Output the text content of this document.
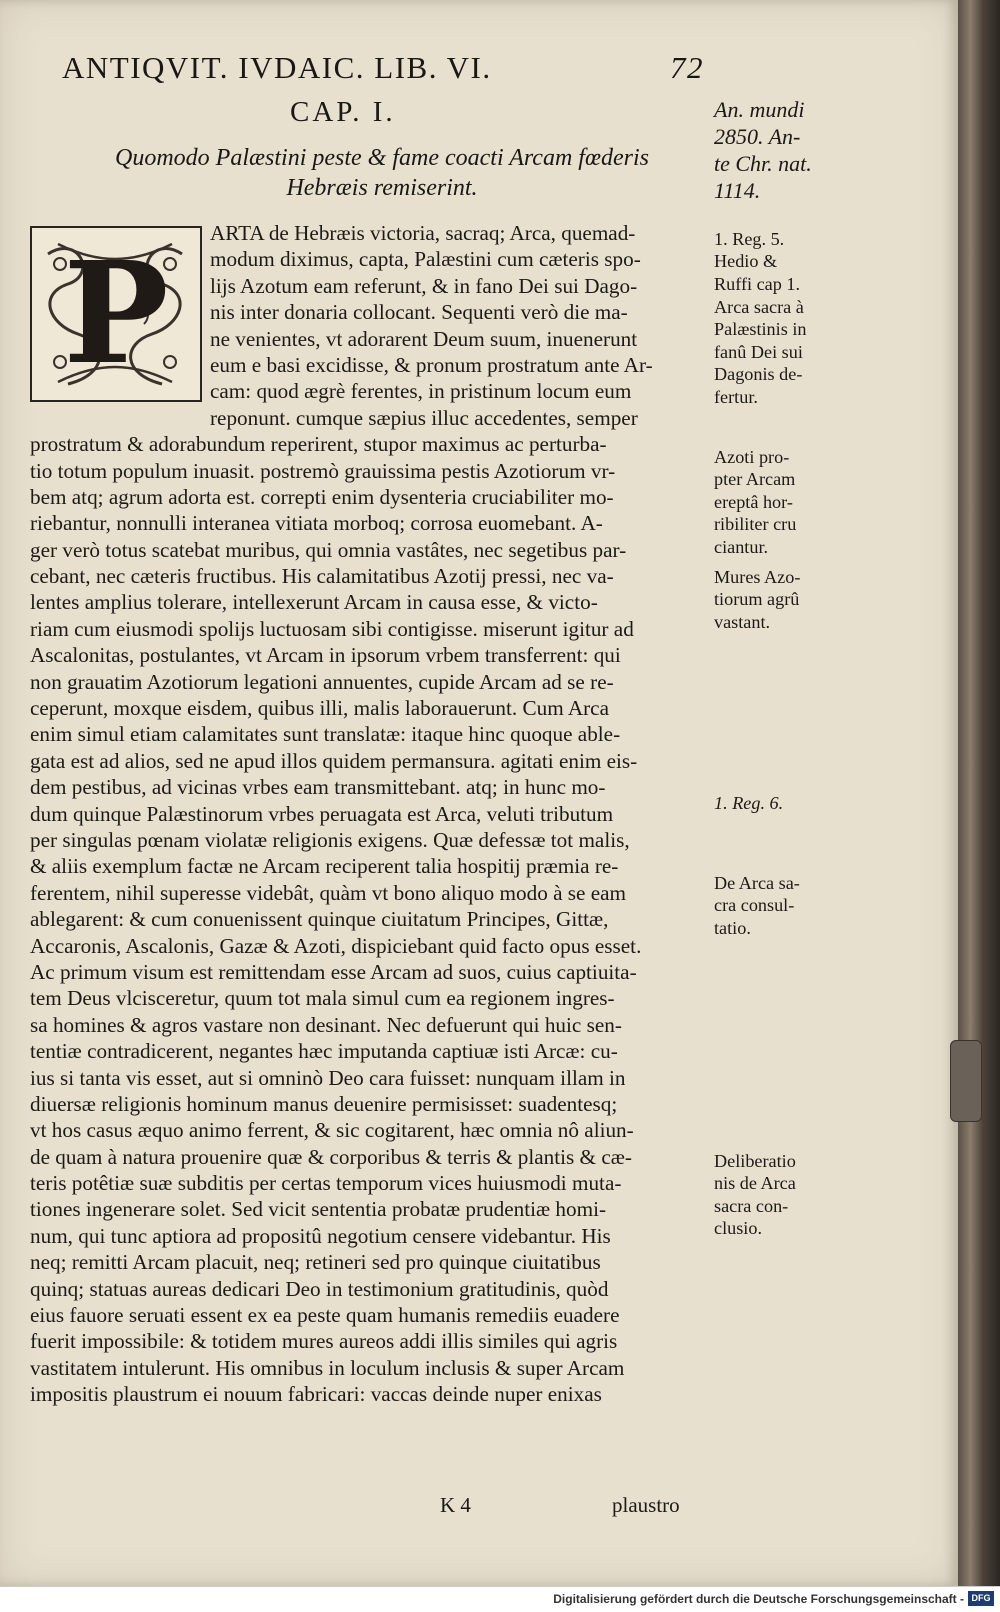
ANTIQVIT. IVDAIC. LIB. VI.	72
CAP. I.
Quomodo Palæstini peste & fame coacti Arcam fœderis
Hebræis remiserint.
ARTA de Hebræis victoria, sacraq; Arca, quemad-
modum diximus, capta, Palæstini cum cæteris spo-
lijs Azotum eam referunt, & in fano Dei sui Dago-
nis inter donaria collocant. Sequenti verò die ma-
ne venientes, vt adorarent Deum suum, inuenerunt
eum e basi excidisse, & pronum prostratum ante Ar-
cam: quod ægrè ferentes, in pristinum locum eum
reponunt. cumque sæpius illuc accedentes, semper
prostratum & adorabundum reperirent, stupor maximus ac perturba-
tio totum populum inuasit. postremò grauissima pestis Azotiorum vr-
bem atq; agrum adorta est. correpti enim dysenteria cruciabiliter mo-
riebantur, nonnulli interanea vitiata morboq; corrosa euomebant. A-
ger verò totus scatebat muribus, qui omnia vastâtes, nec segetibus par-
cebant, nec cæteris fructibus. His calamitatibus Azotij pressi, nec va-
lentes amplius tolerare, intellexerunt Arcam in causa esse, & victo-
riam cum eiusmodi spolijs luctuosam sibi contigisse. miserunt igitur ad
Ascalonitas, postulantes, vt Arcam in ipsorum vrbem transferrent: qui
non grauatim Azotiorum legationi annuentes, cupide Arcam ad se re-
ceperunt, moxque eisdem, quibus illi, malis laborauerunt. Cum Arca
enim simul etiam calamitates sunt translatæ: itaque hinc quoque able-
gata est ad alios, sed ne apud illos quidem permansura. agitati enim eis-
dem pestibus, ad vicinas vrbes eam transmittebant. atq; in hunc mo-
dum quinque Palæstinorum vrbes peruagata est Arca, veluti tributum
per singulas pœnam violatæ religionis exigens. Quæ defessæ tot malis,
& aliis exemplum factæ ne Arcam reciperent talia hospitij præmia re-
ferentem, nihil superesse videbât, quàm vt bono aliquo modo à se eam
ablegarent: & cum conuenissent quinque ciuitatum Principes, Gittæ,
Accaronis, Ascalonis, Gazæ & Azoti, dispiciebant quid facto opus esset.
Ac primum visum est remittendam esse Arcam ad suos, cuius captiuita-
tem Deus vlcisceretur, quum tot mala simul cum ea regionem ingres-
sa homines & agros vastare non desinant. Nec defuerunt qui huic sen-
tentiæ contradicerent, negantes hæc imputanda captiuæ isti Arcæ: cu-
ius si tanta vis esset, aut si omninò Deo cara fuisset: nunquam illam in
diuersæ religionis hominum manus deuenire permisisset: suadentesq;
vt hos casus æquo animo ferrent, & sic cogitarent, hæc omnia nô aliun-
de quam à natura prouenire quæ & corporibus & terris & plantis & cæ-
teris potêtiæ suæ subditis per certas temporum vices huiusmodi muta-
tiones ingenerare solet. Sed vicit sententia probatæ prudentiæ homi-
num, qui tunc aptiora ad propositû negotium censere videbantur. His
neq; remitti Arcam placuit, neq; retineri sed pro quinque ciuitatibus
quinq; statuas aureas dedicari Deo in testimonium gratitudinis, quòd
eius fauore seruati essent ex ea peste quam humanis remediis euadere
fuerit impossibile: & totidem mures aureos addi illis similes qui agris
vastitatem intulerunt. His omnibus in loculum inclusis & super Arcam
impositis plaustrum ei nouum fabricari: vaccas deinde nuper enixas
P
An. mundi
2850. An-
te Chr. nat.
1114.
1. Reg. 5.
Hedio &
Ruffi cap 1.
Arca sacra à
Palæstinis in
fanû Dei sui
Dagonis de-
fertur.
Azoti pro-
pter Arcam
ereptâ hor-
ribiliter cru
ciantur.
Mures Azo-
tiorum agrû
vastant.
1. Reg. 6.
De Arca sa-
cra consul-
tatio.
Deliberatio
nis de Arca
sacra con-
clusio.
K 4	plaustro
Digitalisierung gefördert durch die Deutsche Forschungsgemeinschaft - DFG
